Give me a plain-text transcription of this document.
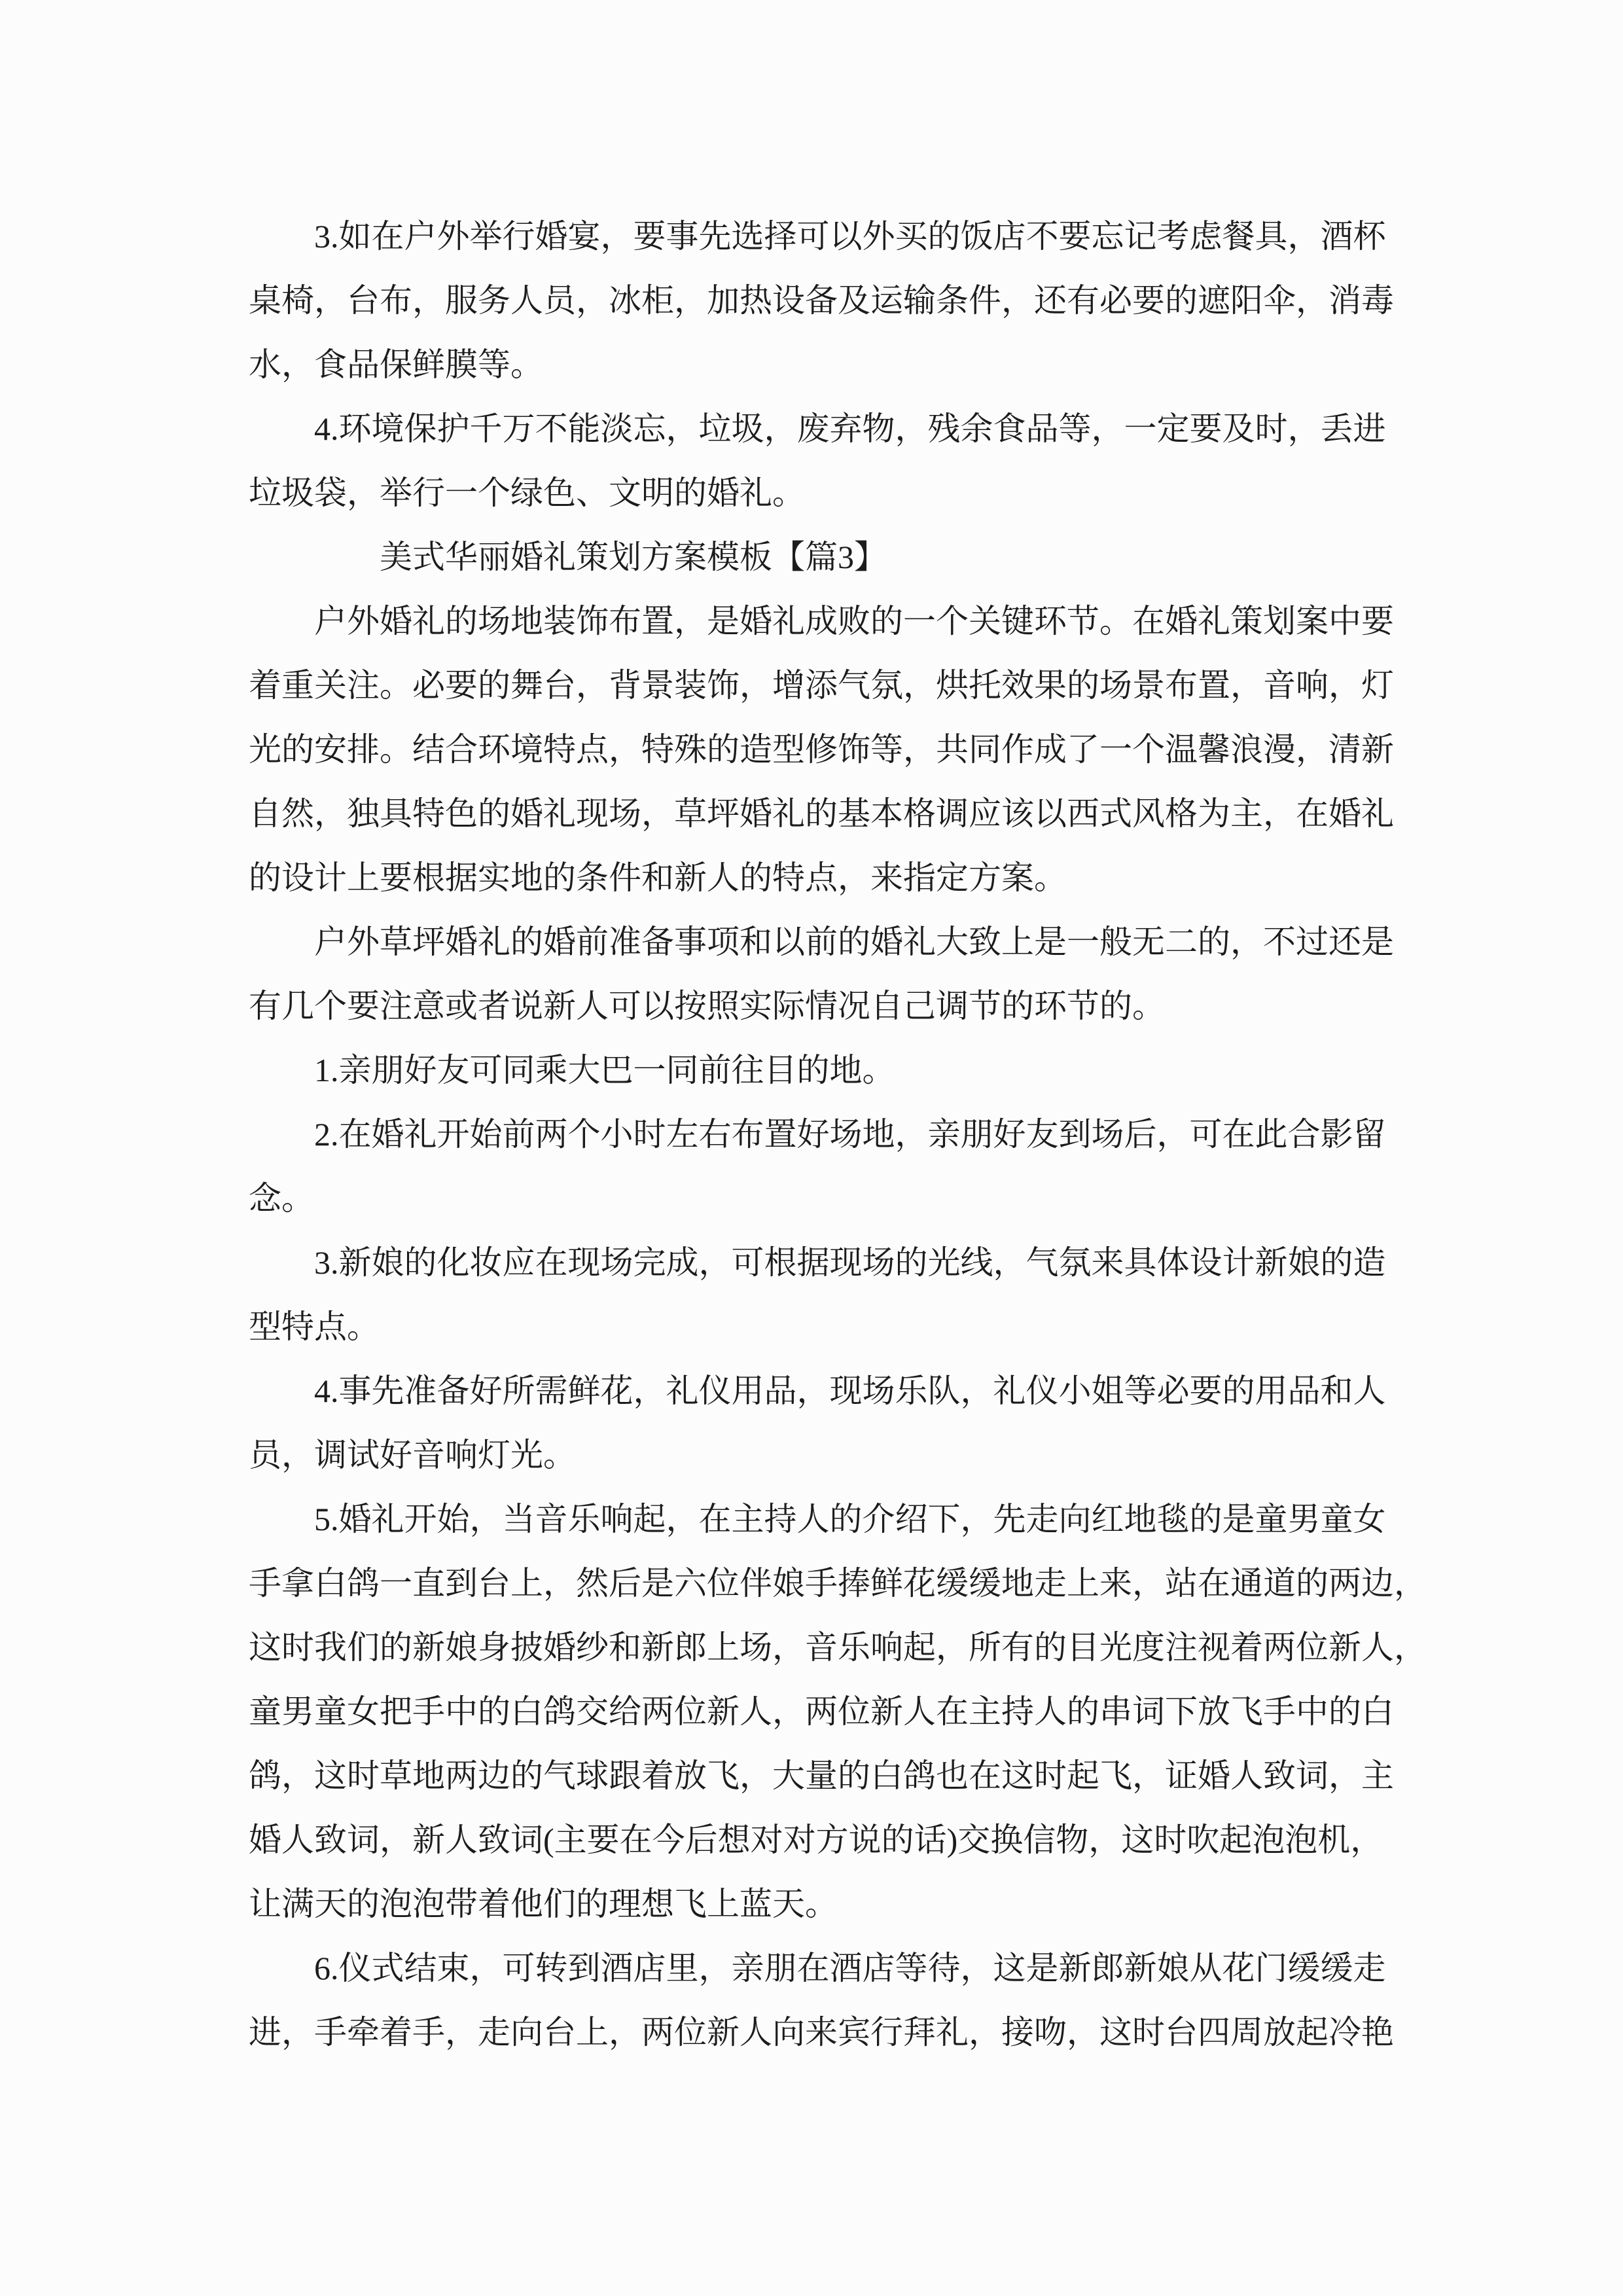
3.如在户外举行婚宴，要事先选择可以外买的饭店不要忘记考虑餐具，酒杯
桌椅，台布，服务人员，冰柜，加热设备及运输条件，还有必要的遮阳伞，消毒
水，食品保鲜膜等。
4.环境保护千万不能淡忘，垃圾，废弃物，残余食品等，一定要及时，丢进
垃圾袋，举行一个绿色、文明的婚礼。
美式华丽婚礼策划方案模板【篇3】
户外婚礼的场地装饰布置，是婚礼成败的一个关键环节。在婚礼策划案中要
着重关注。必要的舞台，背景装饰，增添气氛，烘托效果的场景布置，音响，灯
光的安排。结合环境特点，特殊的造型修饰等，共同作成了一个温馨浪漫，清新
自然，独具特色的婚礼现场，草坪婚礼的基本格调应该以西式风格为主，在婚礼
的设计上要根据实地的条件和新人的特点，来指定方案。
户外草坪婚礼的婚前准备事项和以前的婚礼大致上是一般无二的，不过还是
有几个要注意或者说新人可以按照实际情况自己调节的环节的。
1.亲朋好友可同乘大巴一同前往目的地。
2.在婚礼开始前两个小时左右布置好场地，亲朋好友到场后，可在此合影留
念。
3.新娘的化妆应在现场完成，可根据现场的光线，气氛来具体设计新娘的造
型特点。
4.事先准备好所需鲜花，礼仪用品，现场乐队，礼仪小姐等必要的用品和人
员，调试好音响灯光。
5.婚礼开始，当音乐响起，在主持人的介绍下，先走向红地毯的是童男童女
手拿白鸽一直到台上，然后是六位伴娘手捧鲜花缓缓地走上来，站在通道的两边，
这时我们的新娘身披婚纱和新郎上场，音乐响起，所有的目光度注视着两位新人，
童男童女把手中的白鸽交给两位新人，两位新人在主持人的串词下放飞手中的白
鸽，这时草地两边的气球跟着放飞，大量的白鸽也在这时起飞，证婚人致词，主
婚人致词，新人致词(主要在今后想对对方说的话)交换信物，这时吹起泡泡机，
让满天的泡泡带着他们的理想飞上蓝天。
6.仪式结束，可转到酒店里，亲朋在酒店等待，这是新郎新娘从花门缓缓走
进，手牵着手，走向台上，两位新人向来宾行拜礼，接吻，这时台四周放起冷艳
